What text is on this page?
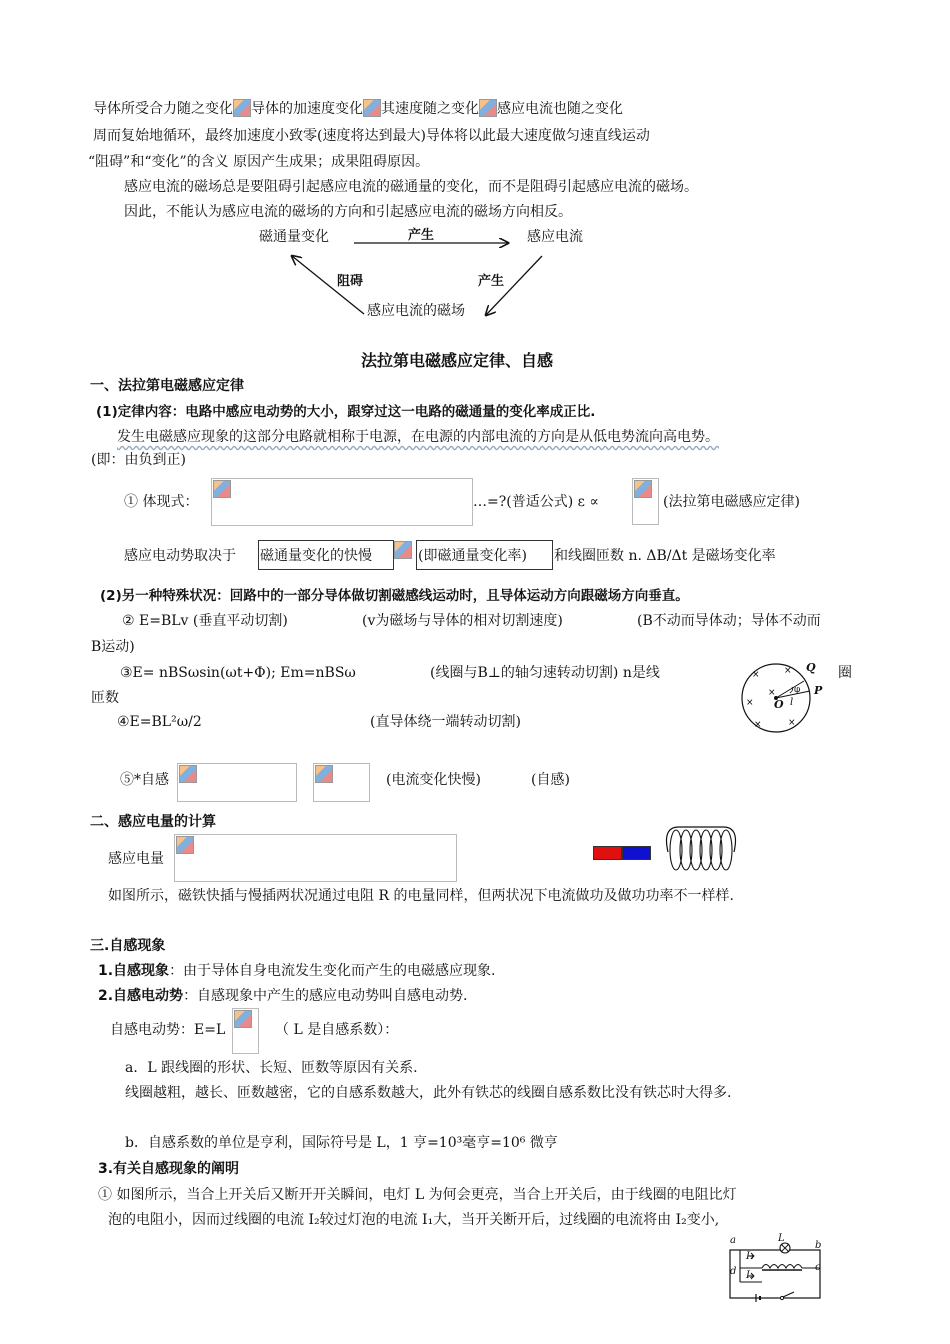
导体所受合力随之变化 导体的加速度变化 其速度随之变化 感应电流也随之变化
周而复始地循环，最终加速度小致零(速度将达到最大)导体将以此最大速度做匀速直线运动
“阻碍”和“变化”的含义 原因产生成果；成果阻碍原因。
感应电流的磁场总是要阻碍引起感应电流的磁通量的变化，而不是阻碍引起感应电流的磁场。
因此，不能认为感应电流的磁场的方向和引起感应电流的磁场方向相反。
磁通量变化	感应电流
感应电流的磁场
产生
阻碍	产生
法拉第电磁感应定律、自感
一、法拉第电磁感应定律
(1)定律内容：电路中感应电动势的大小，跟穿过这一电路的磁通量的变化率成正比.
发生电磁感应现象的这部分电路就相称于电源，在电源的内部电流的方向是从低电势流向高电势。
(即：由负到正)
① 体现式：	…=?(普适公式) ε ∝	(法拉第电磁感应定律)
感应电动势取决于 磁通量变化的快慢	(即磁通量变化率) 和线圈匝数 n. ΔB/Δt 是磁场变化率
(2)另一种特殊状况：回路中的一部分导体做切割磁感线运动时，且导体运动方向跟磁场方向垂直。
② E=BLv (垂直平动切割)	(v为磁场与导体的相对切割速度)	(B不动而导体动；导体不动而
B运动)
③E= nBSωsin(ωt+Φ); Em=nBSω	(线圈与B⊥的轴匀速转动切割) n是线	圈
匝数
×	×
×
×	×
×
Q
P
O l
φ
④E=BL²ω/2	(直导体绕一端转动切割)
⑤*自感	(电流变化快慢)	(自感)
二、感应电量的计算
感应电量
如图所示，磁铁快插与慢插两状况通过电阻 R 的电量同样，但两状况下电流做功及做功功率不一样样.
三.自感现象
1.自感现象：由于导体自身电流发生变化而产生的电磁感应现象.
2.自感电动势：自感现象中产生的感应电动势叫自感电动势.
自感电动势：E=L	（ L 是自感系数）：
a．L 跟线圈的形状、长短、匝数等原因有关系.
线圈越粗，越长、匝数越密，它的自感系数越大，此外有铁芯的线圈自感系数比没有铁芯时大得多.
b．自感系数的单位是亨利，国际符号是 L，1 亨=10³毫亨=10⁶ 微亨
3.有关自感现象的阐明
① 如图所示，当合上开关后又断开开关瞬间，电灯 L 为何会更亮，当合上开关后，由于线圈的电阻比灯
泡的电阻小，因而过线圈的电流 I₂较过灯泡的电流 I₁大，当开关断开后，过线圈的电流将由 I₂变小,
a	b
c
d
L
I₁
I₂
